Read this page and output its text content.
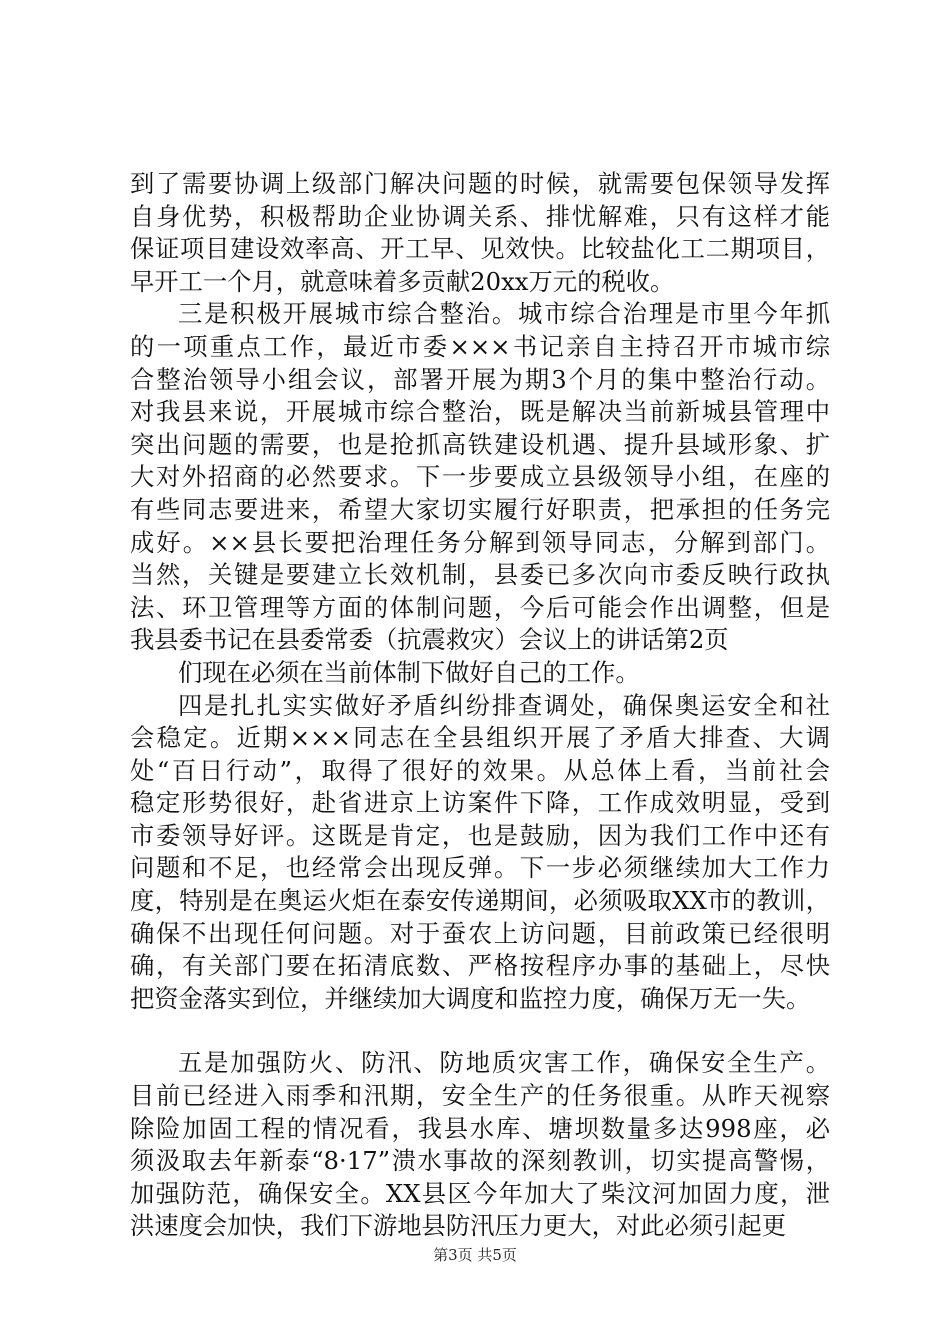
到了需要协调上级部门解决问题的时候，就需要包保领导发挥
自身优势，积极帮助企业协调关系、排忧解难，只有这样才能
保证项目建设效率高、开工早、见效快。比较盐化工二期项目，
早开工一个月，就意味着多贡献20xx万元的税收。
三是积极开展城市综合整治。城市综合治理是市里今年抓
的一项重点工作，最近市委×××书记亲自主持召开市城市综
合整治领导小组会议，部署开展为期3个月的集中整治行动。
对我县来说，开展城市综合整治，既是解决当前新城县管理中
突出问题的需要，也是抢抓高铁建设机遇、提升县域形象、扩
大对外招商的必然要求。下一步要成立县级领导小组，在座的
有些同志要进来，希望大家切实履行好职责，把承担的任务完
成好。××县长要把治理任务分解到领导同志，分解到部门。
当然，关键是要建立长效机制，县委已多次向市委反映行政执
法、环卫管理等方面的体制问题，今后可能会作出调整，但是
我县委书记在县委常委（抗震救灾）会议上的讲话第2页
们现在必须在当前体制下做好自己的工作。
四是扎扎实实做好矛盾纠纷排查调处，确保奥运安全和社
会稳定。近期×××同志在全县组织开展了矛盾大排查、大调
处“百日行动”，取得了很好的效果。从总体上看，当前社会
稳定形势很好，赴省进京上访案件下降，工作成效明显，受到
市委领导好评。这既是肯定，也是鼓励，因为我们工作中还有
问题和不足，也经常会出现反弹。下一步必须继续加大工作力
度，特别是在奥运火炬在泰安传递期间，必须吸取XX市的教训，
确保不出现任何问题。对于蚕农上访问题，目前政策已经很明
确，有关部门要在拓清底数、严格按程序办事的基础上，尽快
把资金落实到位，并继续加大调度和监控力度，确保万无一失。
五是加强防火、防汛、防地质灾害工作，确保安全生产。
目前已经进入雨季和汛期，安全生产的任务很重。从昨天视察
除险加固工程的情况看，我县水库、塘坝数量多达998座，必
须汲取去年新泰“8·17”溃水事故的深刻教训，切实提高警惕，
加强防范，确保安全。XX县区今年加大了柴汶河加固力度，泄
洪速度会加快，我们下游地县防汛压力更大，对此必须引起更
第3页 共5页
